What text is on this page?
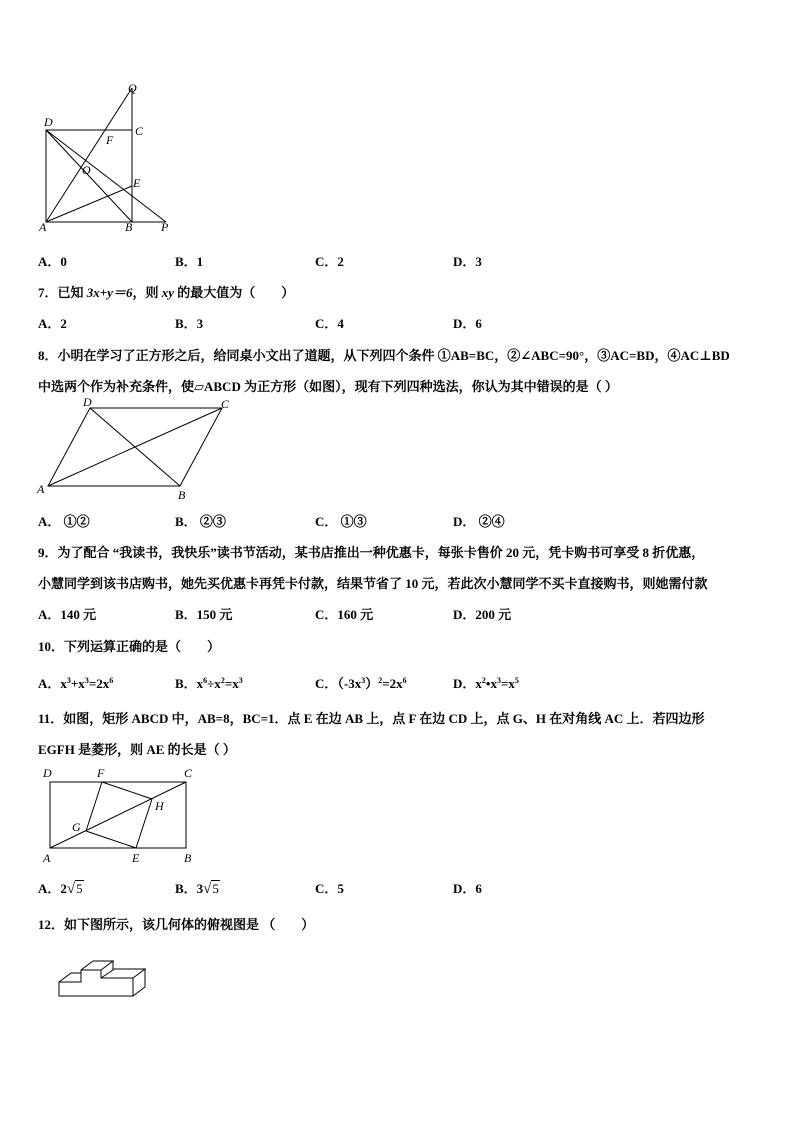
Q
D
C
F
O
E
A	B P
A．0	B．1	C．2	D．3
7．已知 3x+y＝6，则 xy 的最大值为（　　）
A．2	B．3	C．4	D．6
8．小明在学习了正方形之后，给同桌小文出了道题，从下列四个条件 ①AB=BC，②∠ABC=90°，③AC=BD，④AC⊥BD
中选两个作为补充条件，使▱ABCD 为正方形（如图），现有下列四种选法，你认为其中错误的是（ ）
D	C
A	B
A． ①②	B． ②③	C． ①③	D． ②④
9．为了配合 “我读书，我快乐”读书节活动，某书店推出一种优惠卡，每张卡售价 20 元，凭卡购书可享受 8 折优惠，
小慧同学到该书店购书，她先买优惠卡再凭卡付款，结果节省了 10 元，若此次小慧同学不买卡直接购书，则她需付款
A．140 元	B．150 元	C．160 元	D．200 元
10．下列运算正确的是（　　）
A．$x^3+x^3=2x^6$	B．$x^6\div x^2=x^3$	C．$(-3x^3)^2=2x^6$	D．$x^2•x^3=x^5$
11．如图，矩形 ABCD 中，AB=8，BC=1．点 E 在边 AB 上，点 F 在边 CD 上，点 G、H 在对角线 AC 上．若四边形
EGFH 是菱形，则 AE 的长是（ ）
D	F	C
H
G
A	E	B
A．2√5	B．3√5	C．5	D．6
12．如下图所示，该几何体的俯视图是 （　　）
